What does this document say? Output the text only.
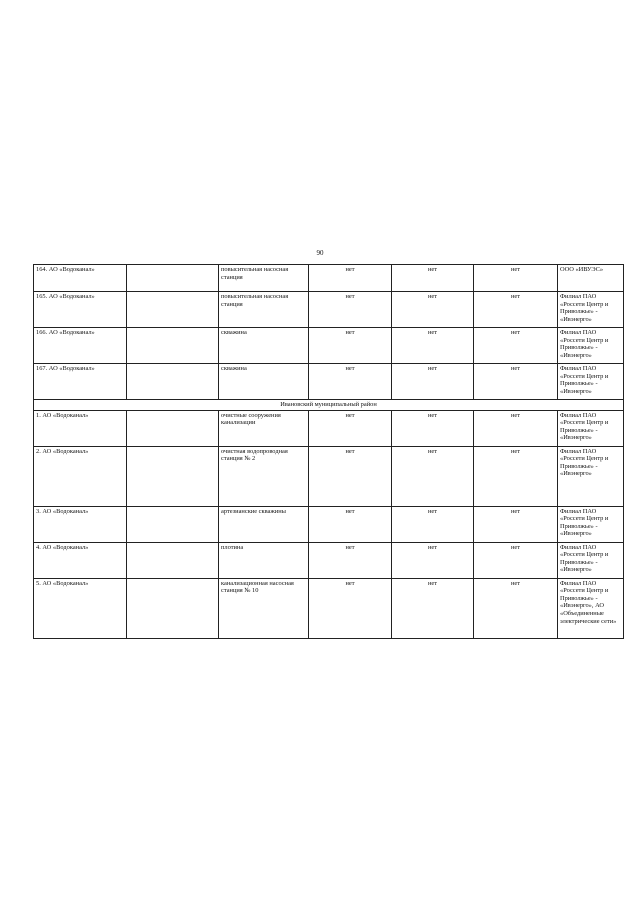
90
164. АО «Водоканал»		повысительная насосная станция	нет	нет	нет	ООО «ИВУЭС»
165. АО «Водоканал»		повысительная насосная станция	нет	нет	нет	Филиал ПАО «Россети Центр и Приволжье» - «Ивэнерго»
166. АО «Водоканал»		скважина	нет	нет	нет	Филиал ПАО «Россети Центр и Приволжье» - «Ивэнерго»
167. АО «Водоканал»		скважина	нет	нет	нет	Филиал ПАО «Россети Центр и Приволжье» - «Ивэнерго»
Ивановский муниципальный район						
1. АО «Водоканал»		очистные сооружения канализации	нет	нет	нет	Филиал ПАО «Россети Центр и Приволжье» - «Ивэнерго»
2. АО «Водоканал»		очистная водопроводная станция № 2	нет	нет	нет	Филиал ПАО «Россети Центр и Приволжье» - «Ивэнерго»
3. АО «Водоканал»		артезианские скважины	нет	нет	нет	Филиал ПАО «Россети Центр и Приволжье» - «Ивэнерго»
4. АО «Водоканал»		плотина	нет	нет	нет	Филиал ПАО «Россети Центр и Приволжье» - «Ивэнерго»
5. АО «Водоканал»		канализационная насосная станция № 10	нет	нет	нет	Филиал ПАО «Россети Центр и Приволжье» - «Ивэнерго», АО «Объединенные электрические сети»
